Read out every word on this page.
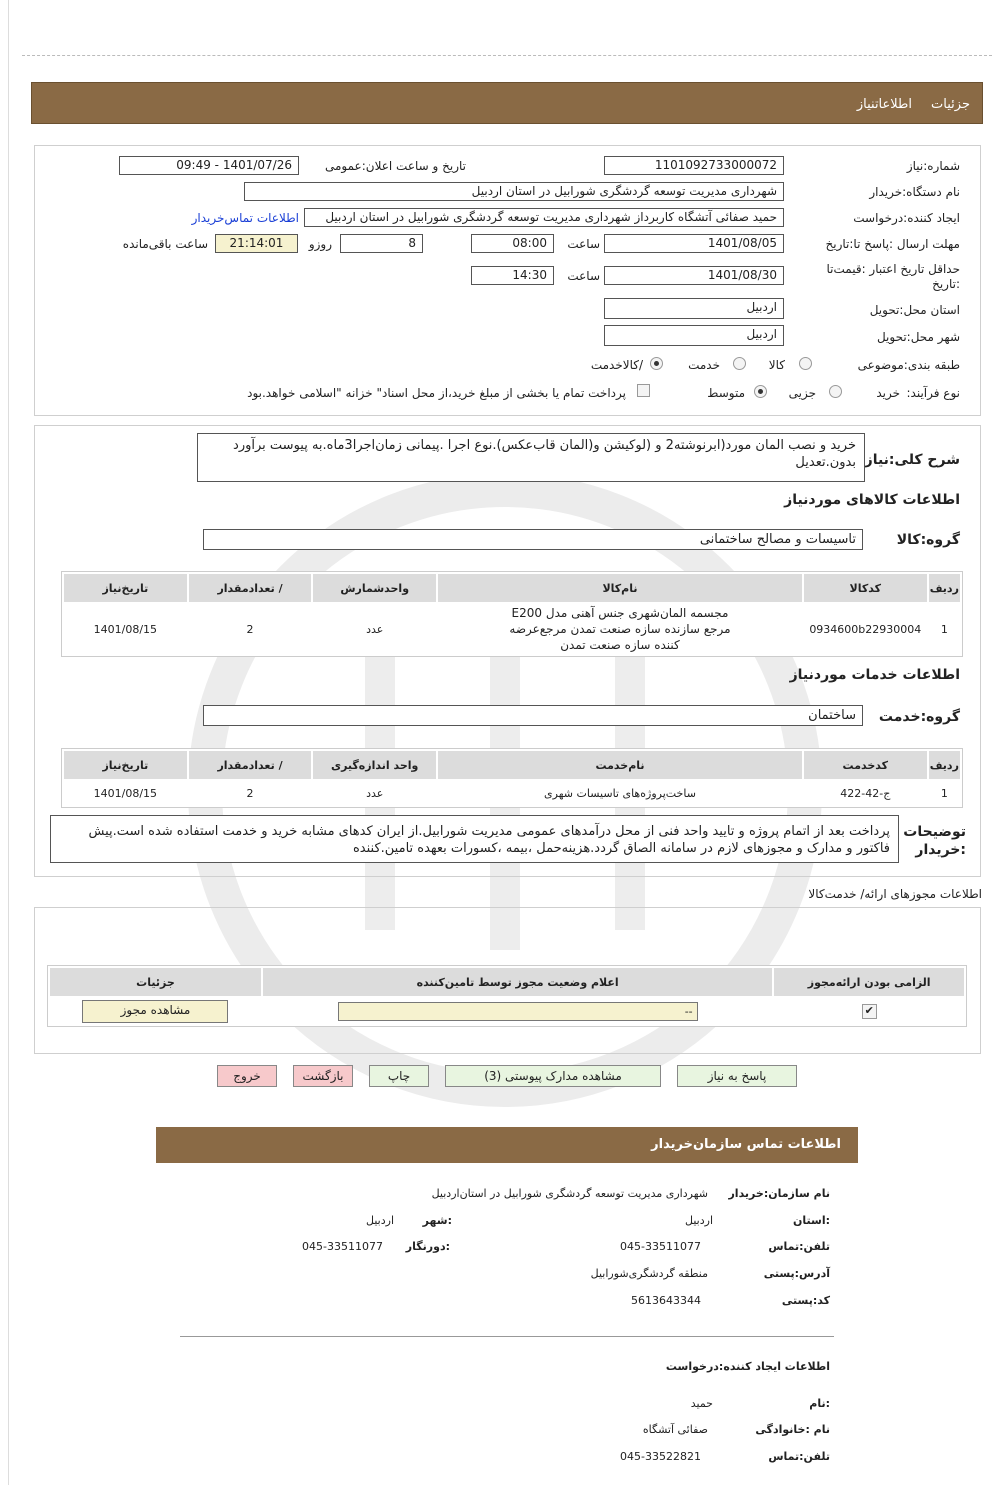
جزئیات
اطلاعاتنیاز
شماره:نیاز
1101092733000072
تاریخ و ساعت اعلان:عمومی
1401/07/26 - 09:49
نام دستگاه:خریدار
شهرداری مدیریت توسعه گردشگری شورابیل در استان اردبیل
ایجاد کننده:درخواست
حمید صفائی آتشگاه کاربرداز شهرداری مدیریت توسعه گردشگری شورابیل در استان اردبیل
اطلاعات تماس‌خریدار
مهلت ارسال :پاسخ تا:تاریخ
1401/08/05
ساعت
08:00
8
روزو
21:14:01
ساعت باقی‌مانده
حداقل تاریخ اعتبار :قیمت‌تا :تاریخ
1401/08/30
ساعت
14:30
استان محل:تحویل
اردبیل
شهر محل:تحویل
اردبیل
طبقه بندی:موضوعی
کالا
خدمت
/کالاخدمت
نوع فرآیند:
خرید
جزیی
متوسط
پرداخت تمام یا بخشی از مبلغ خرید،از محل اسناد" خزانه "اسلامی خواهد.بود
شرح کلی:نیاز
خرید و نصب المان مورد(ابرنوشته2 و (لوکیشن و(المان قاب‌عکس).نوع اجرا .پیمانی زمان‌اجرا3ماه.به پیوست برآورد بدون.تعدیل
اطلاعات کالاهای موردنیاز
گروه:کالا
تاسیسات و مصالح ساختمانی
ردیف	کدکالا	نام‌کالا	واحدشمارش	/ تعدادمقدار	تاریخ‌نیاز
1	0934600b22930004	مجسمه المان‌شهری جنس آهنی مدل E200 مرجع سازنده سازه صنعت تمدن مرجع‌عرضه کننده سازه صنعت تمدن	عدد	2	1401/08/15
اطلاعات خدمات موردنیاز
گروه:خدمت
ساختمان
ردیف	کدخدمت	نام‌خدمت	واحد اندازه‌گیری	/ تعدادمقدار	تاریخ‌نیاز
1	ج-42-422	ساخت‌پروژه‌های تاسیسات شهری	عدد	2	1401/08/15
توضیحات :خریدار
پرداخت بعد از اتمام پروژه و تایید واحد فنی از محل درآمدهای عمومی مدیریت شورابیل.از ایران کدهای مشابه خرید و خدمت استفاده شده است.پیش فاکتور و مدارک و مجوزهای لازم در سامانه الصاق گردد.هزینه‌حمل ،بیمه ،کسورات بعهده تامین.کننده
اطلاعات مجوزهای ارائه/ خدمت‌کالا
الزامی بودن ارائه‌مجوز	اعلام وضعیت مجوز توسط تامین‌کننده	جزئیات
✔	--	مشاهده مجوز
پاسخ به نیاز
مشاهده مدارک پیوستی (3)
چاپ
بازگشت
خروج
اطلاعات تماس سازمان‌خریدار
نام سازمان:خریدار
شهرداری مدیریت توسعه گردشگری شورابیل در استان‌اردبیل
:استان
اردبیل
:شهر
اردبیل
تلفن:تماس
045-33511077
:دورنگار
045-33511077
آدرس:پستی
منطقه گردشگری‌شورابیل
کد:پستی
5613643344
اطلاعات ایجاد کننده:درخواست
:نام
حمید
نام :خانوادگی
صفائی آتشگاه
تلفن:تماس
045-33522821
